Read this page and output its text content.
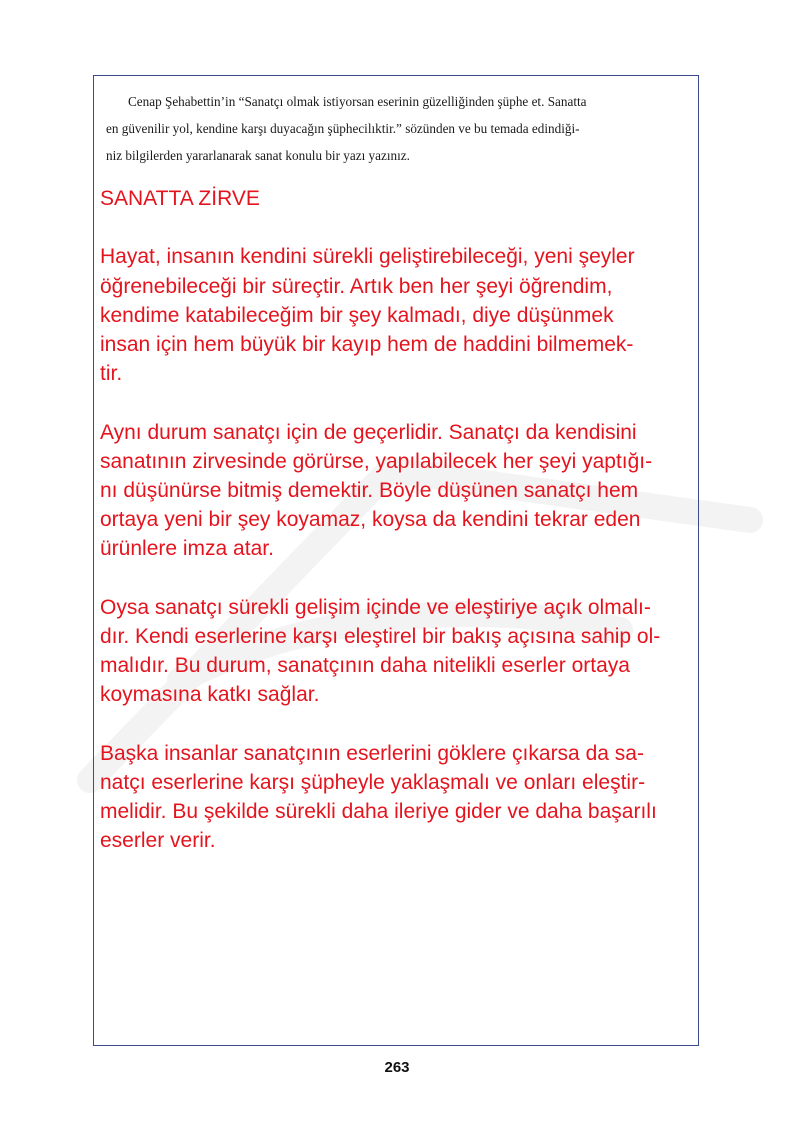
Cenap Şehabettin’in “Sanatçı olmak istiyorsan eserinin güzelliğinden şüphe et. Sanatta
en güvenilir yol, kendine karşı duyacağın şüphecilıktir.” sözünden ve bu temada edindiği-
niz bilgilerden yararlanarak sanat konulu bir yazı yazınız.
SANATTA ZİRVE
Hayat, insanın kendini sürekli geliştirebileceği, yeni şeyler
öğrenebileceği bir süreçtir. Artık ben her şeyi öğrendim,
kendime katabileceğim bir şey kalmadı, diye düşünmek
insan için hem büyük bir kayıp hem de haddini bilmemek-
tir.
Aynı durum sanatçı için de geçerlidir. Sanatçı da kendisini
sanatının zirvesinde görürse, yapılabilecek her şeyi yaptığı-
nı düşünürse bitmiş demektir. Böyle düşünen sanatçı hem
ortaya yeni bir şey koyamaz, koysa da kendini tekrar eden
ürünlere imza atar.
Oysa sanatçı sürekli gelişim içinde ve eleştiriye açık olmalı-
dır. Kendi eserlerine karşı eleştirel bir bakış açısına sahip ol-
malıdır. Bu durum, sanatçının daha nitelikli eserler ortaya
koymasına katkı sağlar.
Başka insanlar sanatçının eserlerini göklere çıkarsa da sa-
natçı eserlerine karşı şüpheyle yaklaşmalı ve onları eleştir-
melidir. Bu şekilde sürekli daha ileriye gider ve daha başarılı
eserler verir.
263
